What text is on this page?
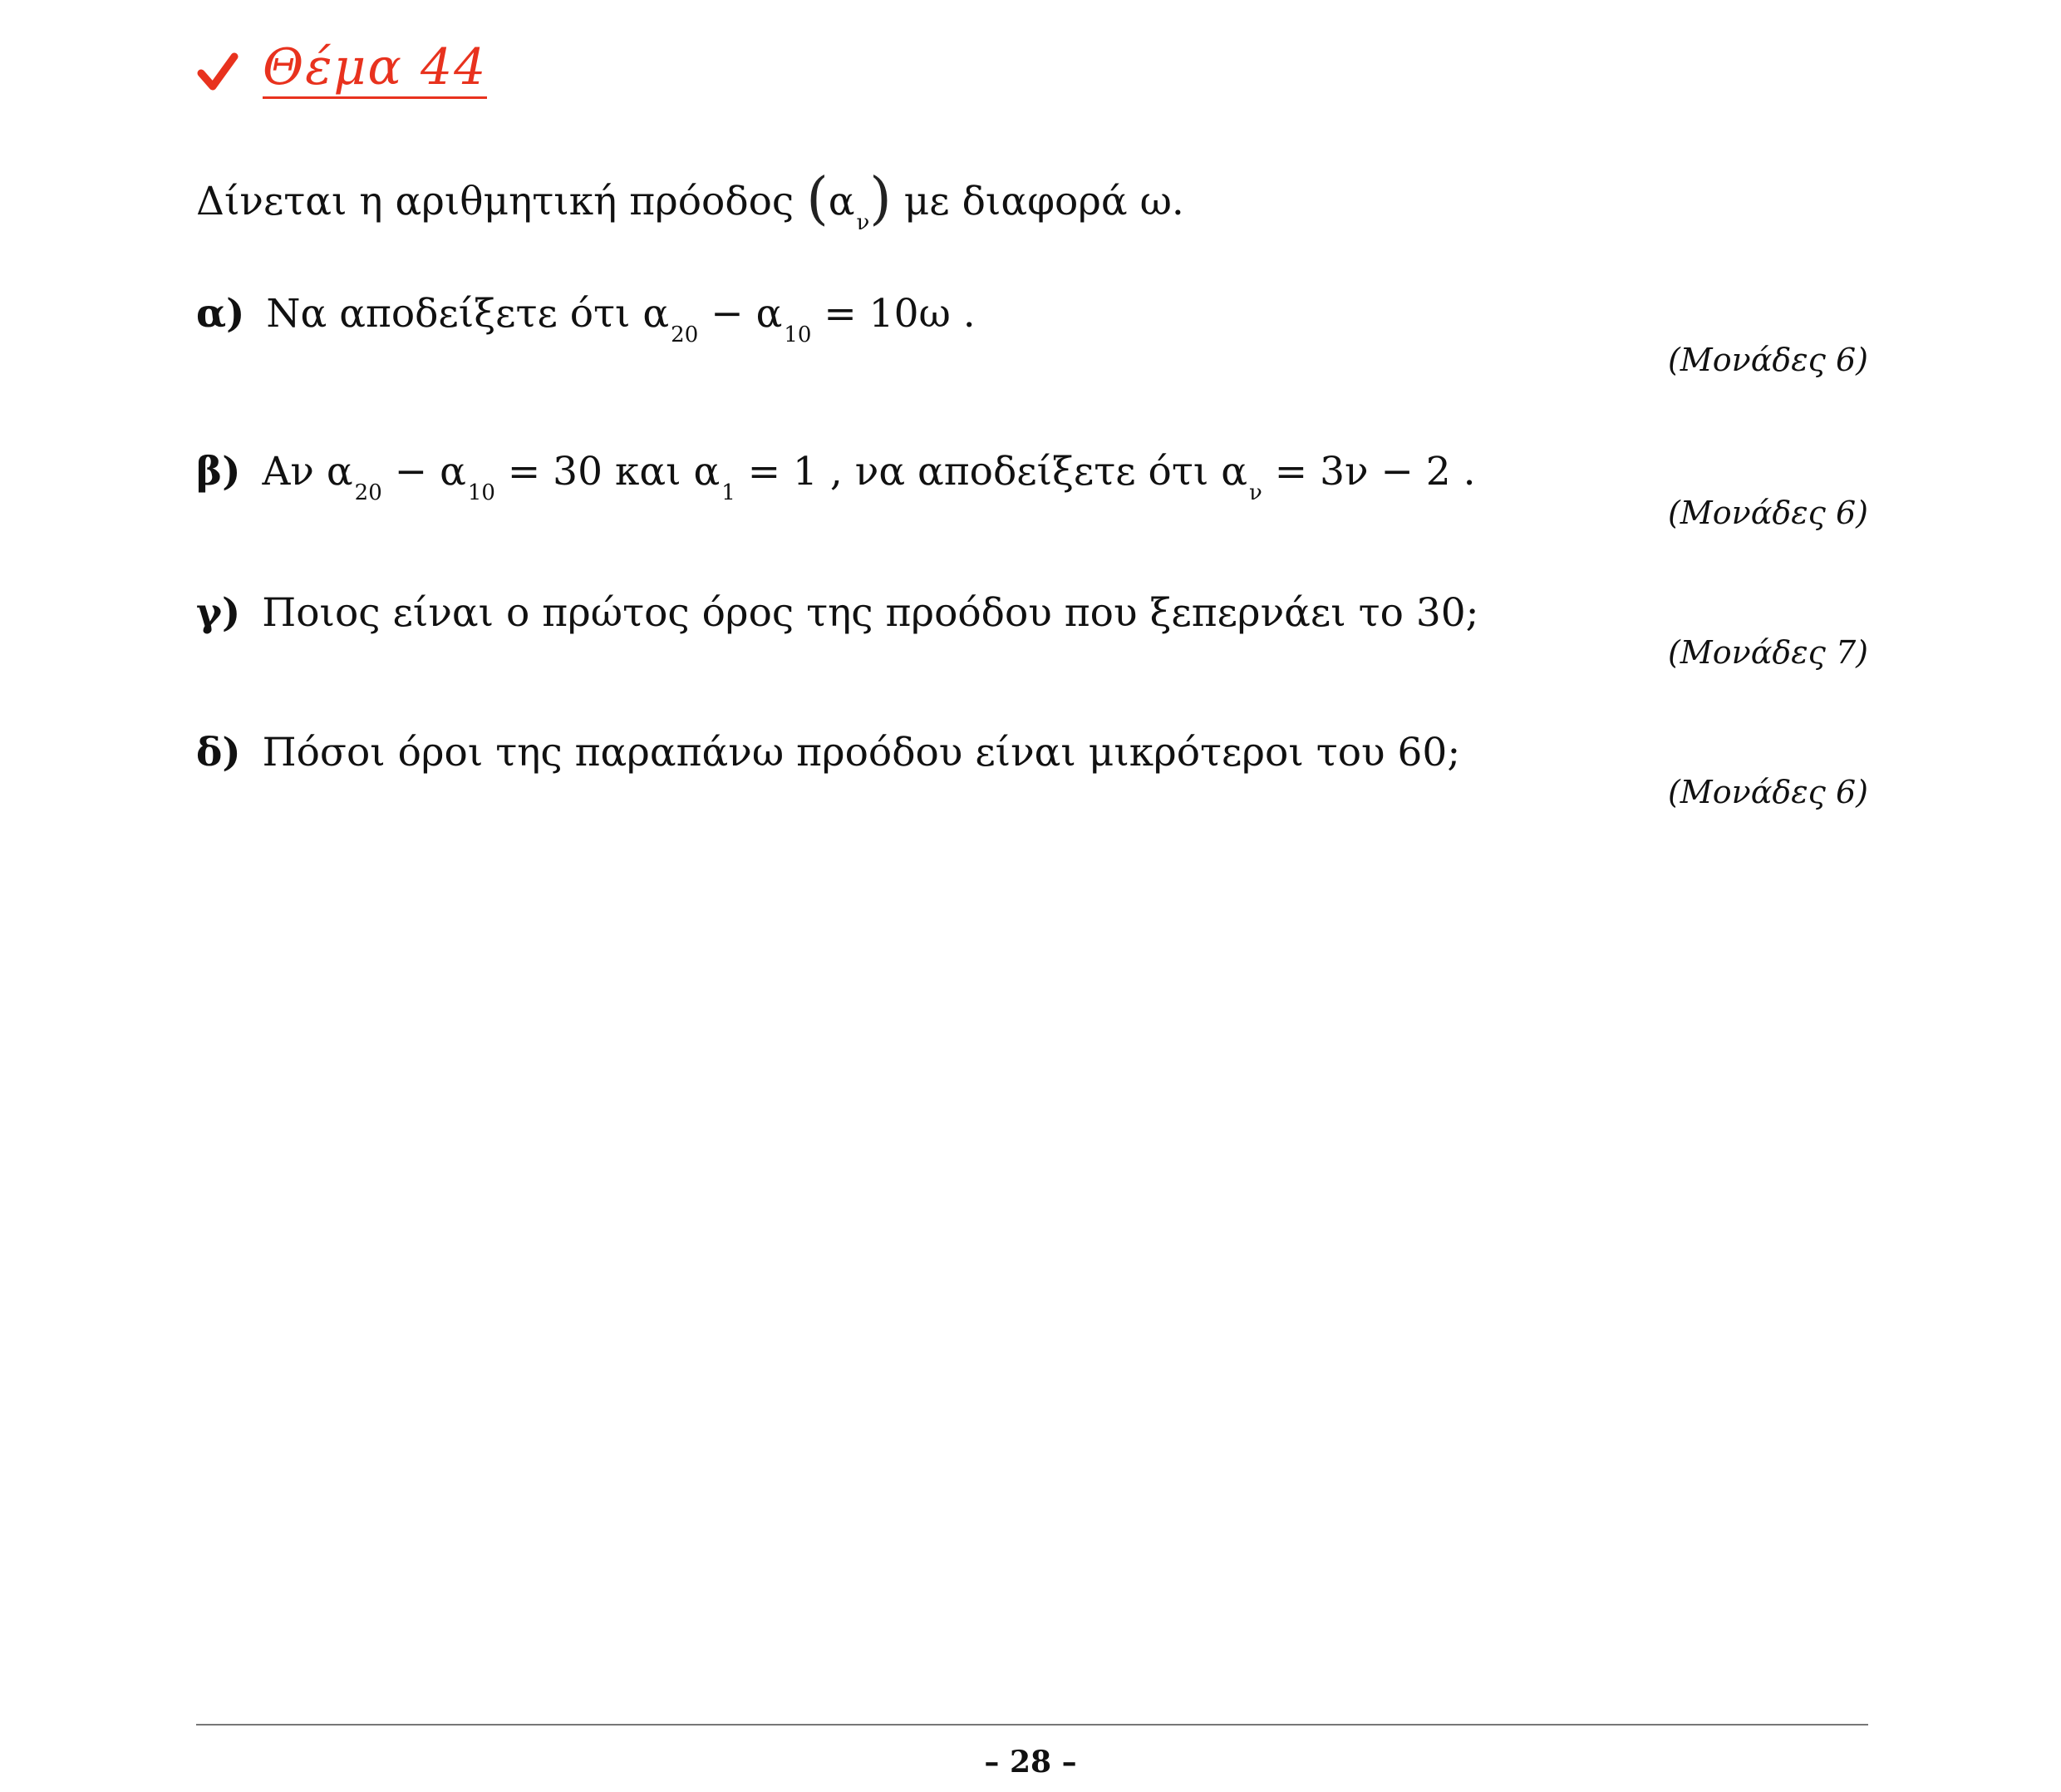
Θέμα 44
Δίνεται η αριθμητική πρόοδος $(\alpha_\nu)$ με διαφορά ω.
α) Να αποδείξετε ότι $\alpha_{20} - \alpha_{10} = 10\omega$ .
(Μονάδες 6)
β) Αν $\alpha_{20} - \alpha_{10} = 30$ και $\alpha_1 = 1$ , να αποδείξετε ότι $\alpha_\nu = 3\nu - 2$ .
(Μονάδες 6)
γ) Ποιος είναι ο πρώτος όρος της προόδου που ξεπερνάει το 30;
(Μονάδες 7)
δ) Πόσοι όροι της παραπάνω προόδου είναι μικρότεροι του 60;
(Μονάδες 6)
– 28 –
